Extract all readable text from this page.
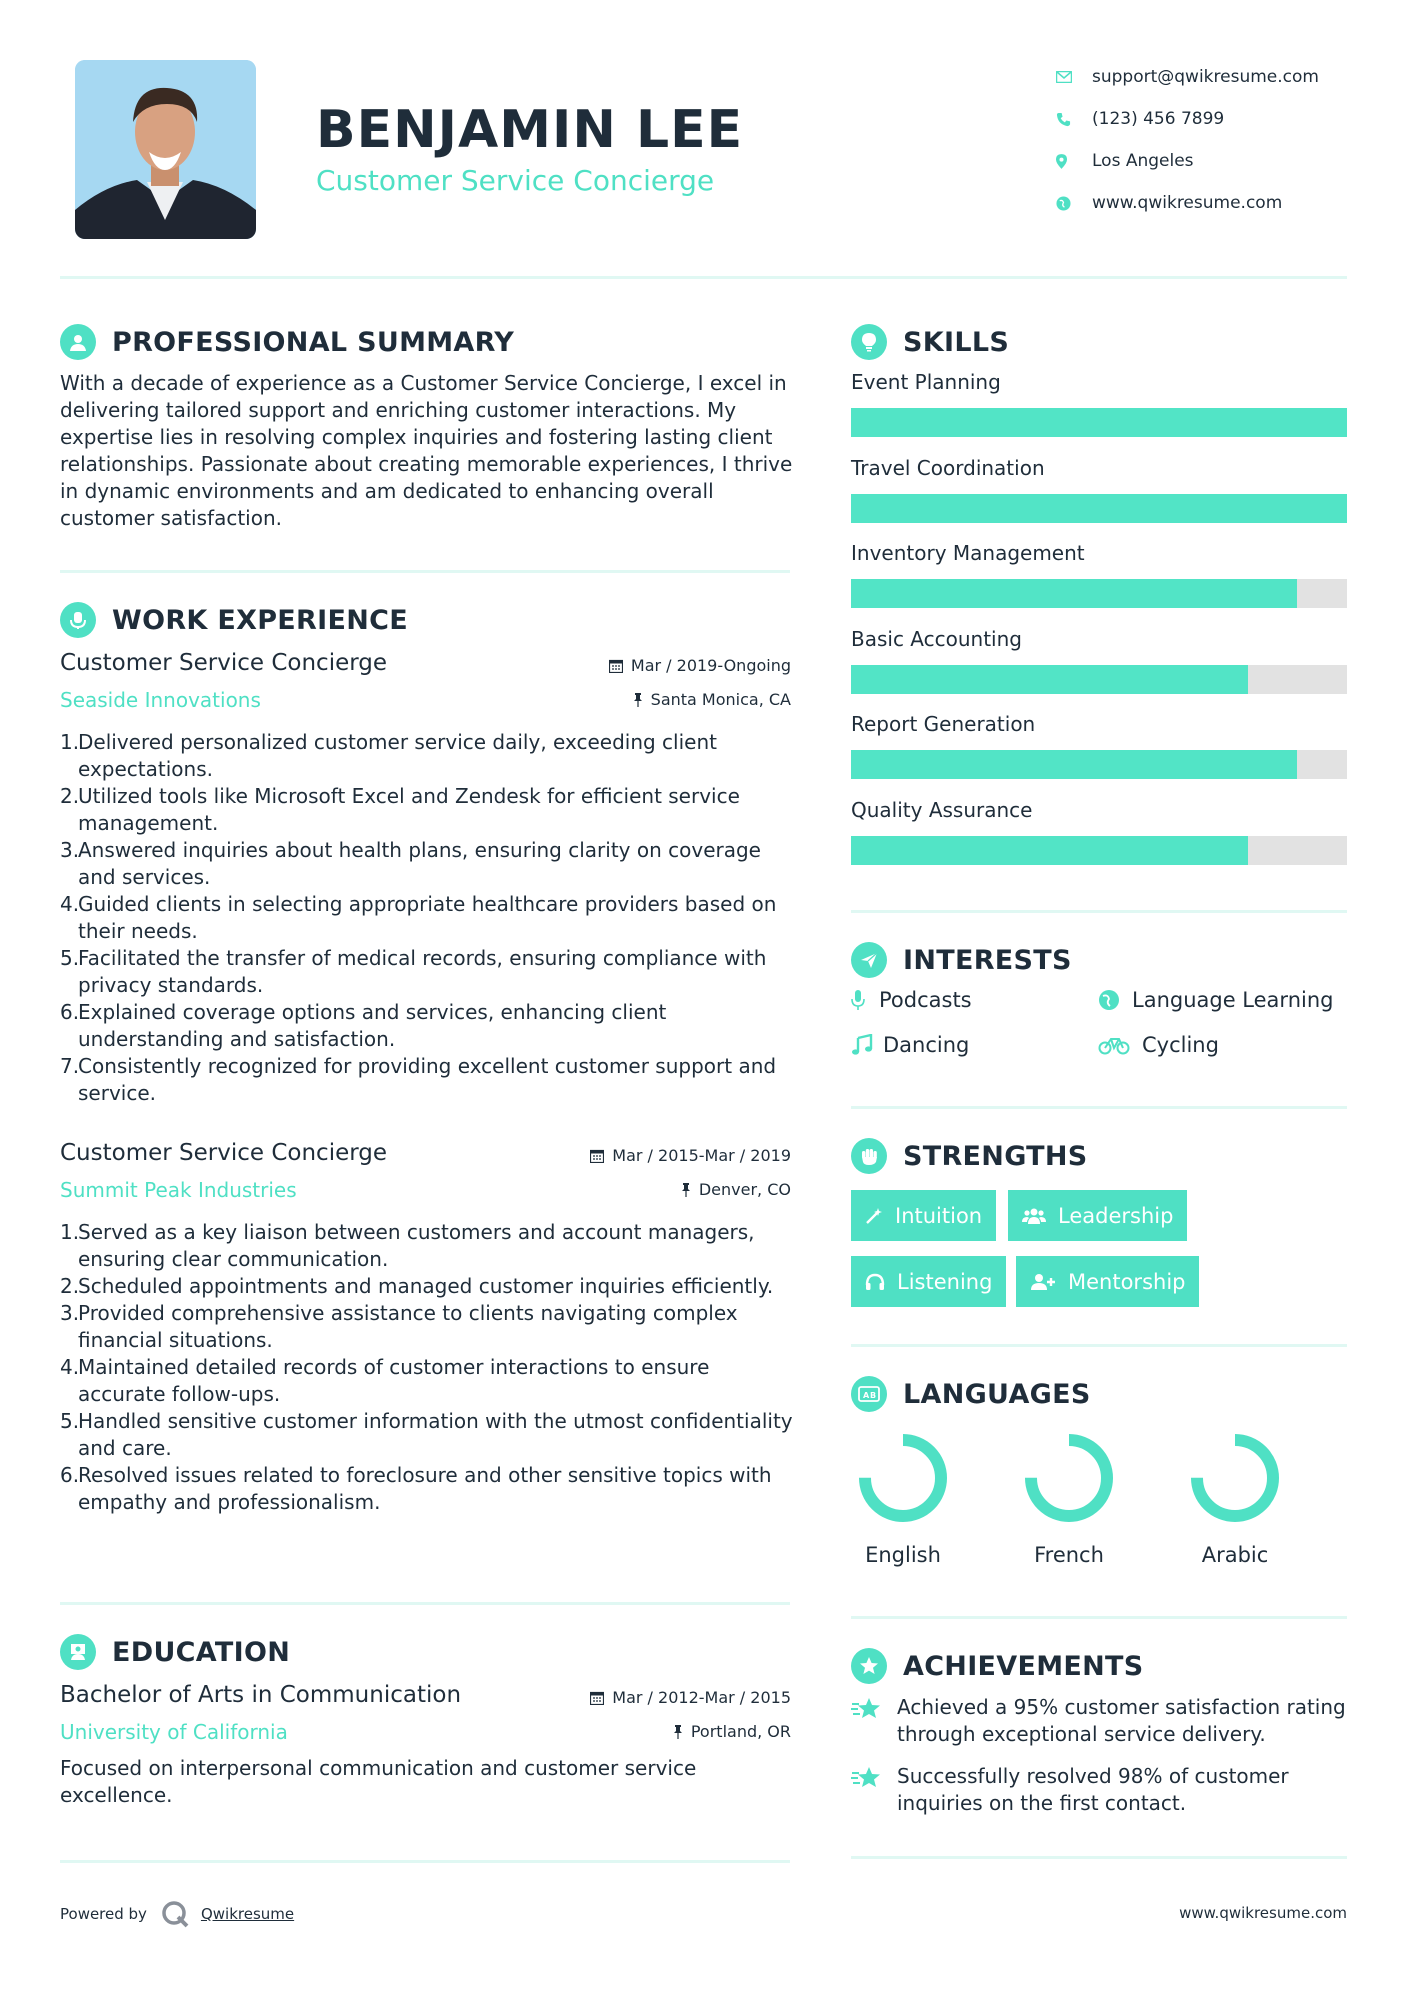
BENJAMIN LEE
Customer Service Concierge
support@qwikresume.com
(123) 456 7899
Los Angeles
www.qwikresume.com
PROFESSIONAL SUMMARY
With a decade of experience as a Customer Service Concierge, I excel in delivering tailored support and enriching customer interactions. My expertise lies in resolving complex inquiries and fostering lasting client relationships. Passionate about creating memorable experiences, I thrive in dynamic environments and am dedicated to enhancing overall customer satisfaction.
WORK EXPERIENCE
Customer Service Concierge	Mar / 2019-Ongoing
Seaside Innovations	Santa Monica, CA
1.
Delivered personalized customer service daily, exceeding client expectations.
2.
Utilized tools like Microsoft Excel and Zendesk for efficient service management.
3.
Answered inquiries about health plans, ensuring clarity on coverage and services.
4.
Guided clients in selecting appropriate healthcare providers based on their needs.
5.
Facilitated the transfer of medical records, ensuring compliance with privacy standards.
6.
Explained coverage options and services, enhancing client understanding and satisfaction.
7.
Consistently recognized for providing excellent customer support and service.
Customer Service Concierge	Mar / 2015-Mar / 2019
Summit Peak Industries	Denver, CO
1.
Served as a key liaison between customers and account managers, ensuring clear communication.
2.
Scheduled appointments and managed customer inquiries efficiently.
3.
Provided comprehensive assistance to clients navigating complex financial situations.
4.
Maintained detailed records of customer interactions to ensure accurate follow-ups.
5.
Handled sensitive customer information with the utmost confidentiality and care.
6.
Resolved issues related to foreclosure and other sensitive topics with empathy and professionalism.
EDUCATION
Bachelor of Arts in Communication	Mar / 2012-Mar / 2015
University of California	Portland, OR
Focused on interpersonal communication and customer service excellence.
SKILLS
Event Planning
Travel Coordination
Inventory Management
Basic Accounting
Report Generation
Quality Assurance
INTERESTS
Podcasts	Language Learning
Dancing	Cycling
STRENGTHS
Intuition	Leadership
Listening	Mentorship
A B LANGUAGES
English	French	Arabic
ACHIEVEMENTS
Achieved a 95% customer satisfaction rating through exceptional service delivery.
Successfully resolved 98% of customer inquiries on the first contact.
Powered by	Qwikresume	www.qwikresume.com
